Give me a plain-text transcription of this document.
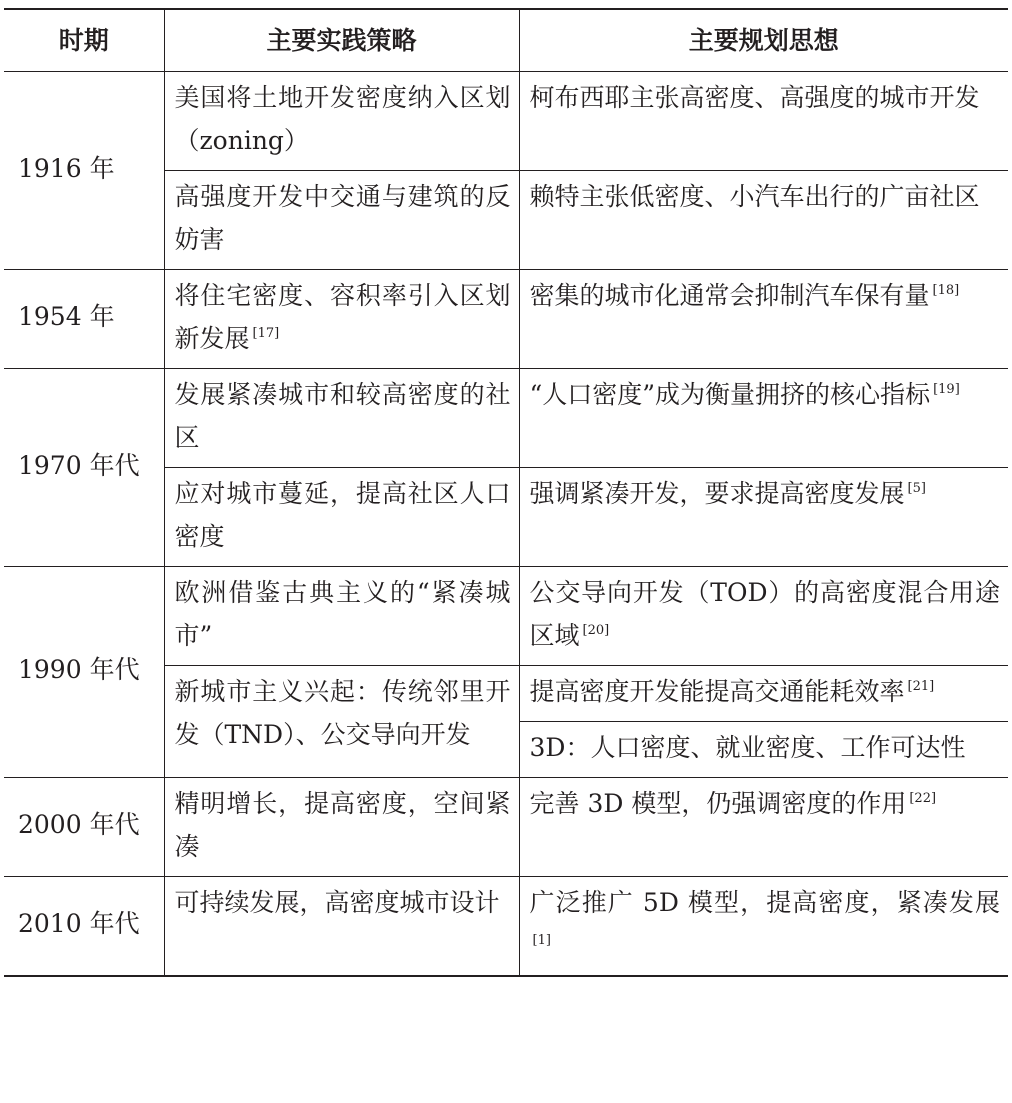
时期	主要实践策略	主要规划思想
1916 年	美国将土地开发密度纳入区划（zoning）	柯布西耶主张高密度、高强度的城市开发
	高强度开发中交通与建筑的反妨害	赖特主张低密度、小汽车出行的广亩社区
1954 年	将住宅密度、容积率引入区划新发展 [17]	密集的城市化通常会抑制汽车保有量 [18]
1970 年代	发展紧凑城市和较高密度的社区	“人口密度”成为衡量拥挤的核心指标 [19]
	应对城市蔓延，提高社区人口密度	强调紧凑开发，要求提高密度发展 [5]
1990 年代	欧洲借鉴古典主义的“紧凑城市”	公交导向开发（TOD）的高密度混合用途区域 [20]
	新城市主义兴起：传统邻里开发（TND）、公交导向开发	提高密度开发能提高交通能耗效率 [21]
		3D：人口密度、就业密度、工作可达性
2000 年代	精明增长，提高密度，空间紧凑	完善 3D 模型，仍强调密度的作用 [22]
2010 年代	可持续发展，高密度城市设计	广泛推广 5D 模型，提高密度，紧凑发展[1]
